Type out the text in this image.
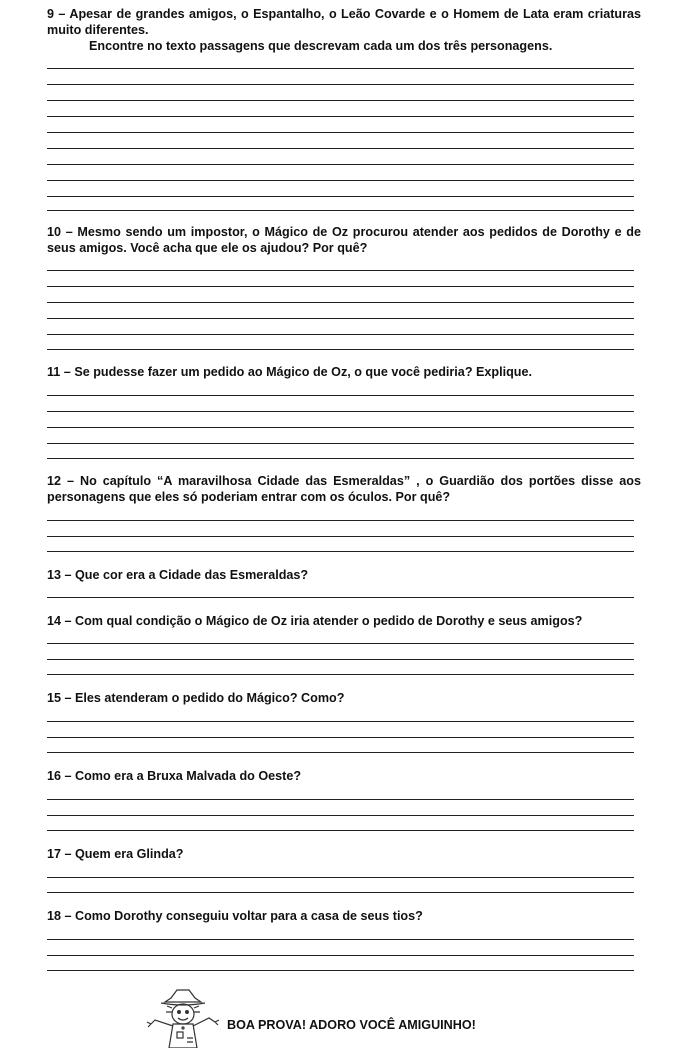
9 – Apesar de grandes amigos, o Espantalho, o Leão Covarde e o Homem de Lata eram criaturas muito diferentes.
Encontre no texto passagens que descrevam cada um dos três personagens.

10 – Mesmo sendo um impostor, o Mágico de Oz procurou atender aos pedidos de Dorothy e de seus amigos. Você acha que ele os ajudou? Por quê?

11 – Se pudesse fazer um pedido ao Mágico de Oz, o que você pediria? Explique.

12 – No capítulo “A maravilhosa Cidade das Esmeraldas” , o Guardião dos portões disse aos personagens que eles só poderiam entrar com os óculos. Por quê?

13 – Que cor era a Cidade das Esmeraldas?

14 – Com qual condição o Mágico de Oz iria atender o pedido de Dorothy e seus amigos?

15 – Eles atenderam o pedido do Mágico? Como?

16 – Como era a Bruxa Malvada do Oeste?

17 – Quem era Glinda?

18 – Como Dorothy conseguiu voltar para a casa de seus tios?

BOA PROVA! ADORO VOCÊ AMIGUINHO!
